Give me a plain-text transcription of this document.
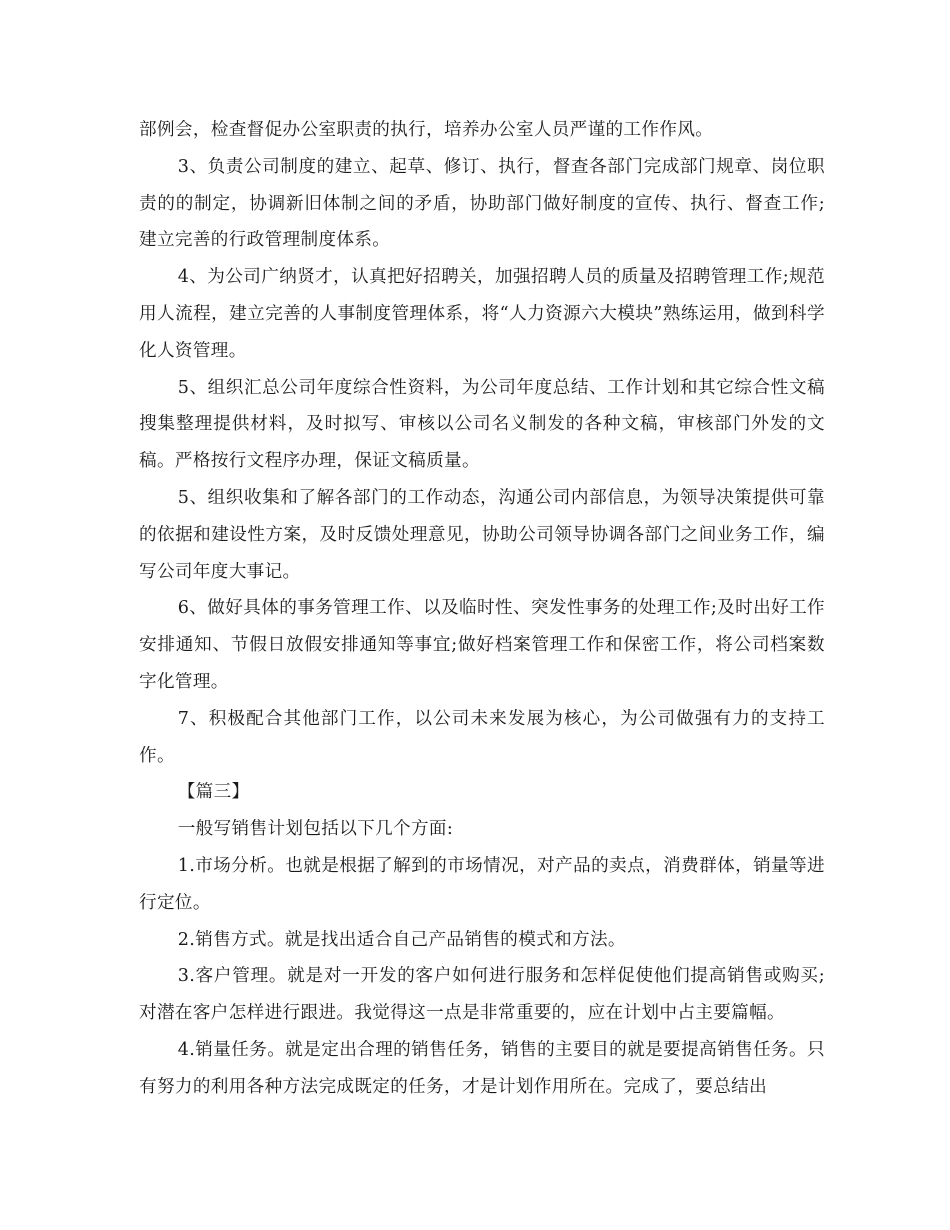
部例会，检查督促办公室职责的执行，培养办公室人员严谨的工作作风。

3、负责公司制度的建立、起草、修订、执行，督查各部门完成部门规章、岗位职责的的制定，协调新旧体制之间的矛盾，协助部门做好制度的宣传、执行、督查工作;建立完善的行政管理制度体系。

4、为公司广纳贤才，认真把好招聘关，加强招聘人员的质量及招聘管理工作;规范用人流程，建立完善的人事制度管理体系，将“人力资源六大模块”熟练运用，做到科学化人资管理。

5、组织汇总公司年度综合性资料，为公司年度总结、工作计划和其它综合性文稿搜集整理提供材料，及时拟写、审核以公司名义制发的各种文稿，审核部门外发的文稿。严格按行文程序办理，保证文稿质量。

5、组织收集和了解各部门的工作动态，沟通公司内部信息，为领导决策提供可靠的依据和建设性方案，及时反馈处理意见，协助公司领导协调各部门之间业务工作，编写公司年度大事记。

6、做好具体的事务管理工作、以及临时性、突发性事务的处理工作;及时出好工作安排通知、节假日放假安排通知等事宜;做好档案管理工作和保密工作，将公司档案数字化管理。

7、积极配合其他部门工作，以公司未来发展为核心，为公司做强有力的支持工作。

【篇三】

一般写销售计划包括以下几个方面:

1.市场分析。也就是根据了解到的市场情况，对产品的卖点，消费群体，销量等进行定位。

2.销售方式。就是找出适合自己产品销售的模式和方法。

3.客户管理。就是对一开发的客户如何进行服务和怎样促使他们提高销售或购买;对潜在客户怎样进行跟进。我觉得这一点是非常重要的，应在计划中占主要篇幅。

4.销量任务。就是定出合理的销售任务，销售的主要目的就是要提高销售任务。只有努力的利用各种方法完成既定的任务，才是计划作用所在。完成了，要总结出
